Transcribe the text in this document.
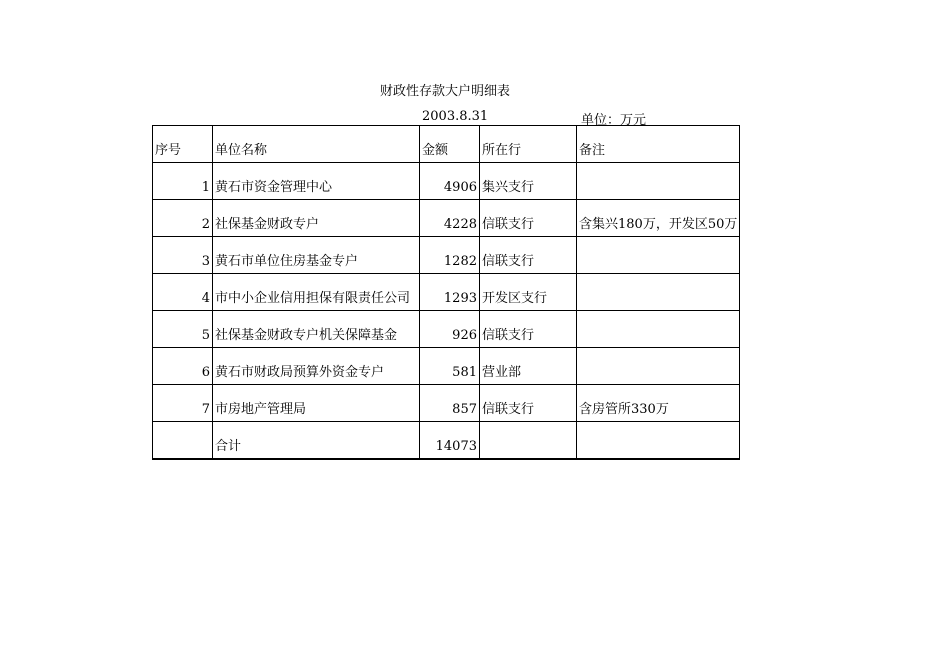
财政性存款大户明细表
2003.8.31	单位：万元
序号	单位名称	金额	所在行	备注
1	黄石市资金管理中心	4906	集兴支行	
2	社保基金财政专户	4228	信联支行	含集兴180万，开发区50万
3	黄石市单位住房基金专户	1282	信联支行	
4	市中小企业信用担保有限责任公司	1293	开发区支行	
5	社保基金财政专户机关保障基金	926	信联支行	
6	黄石市财政局预算外资金专户	581	营业部	
7	市房地产管理局	857	信联支行	含房管所330万
	合计	14073		
